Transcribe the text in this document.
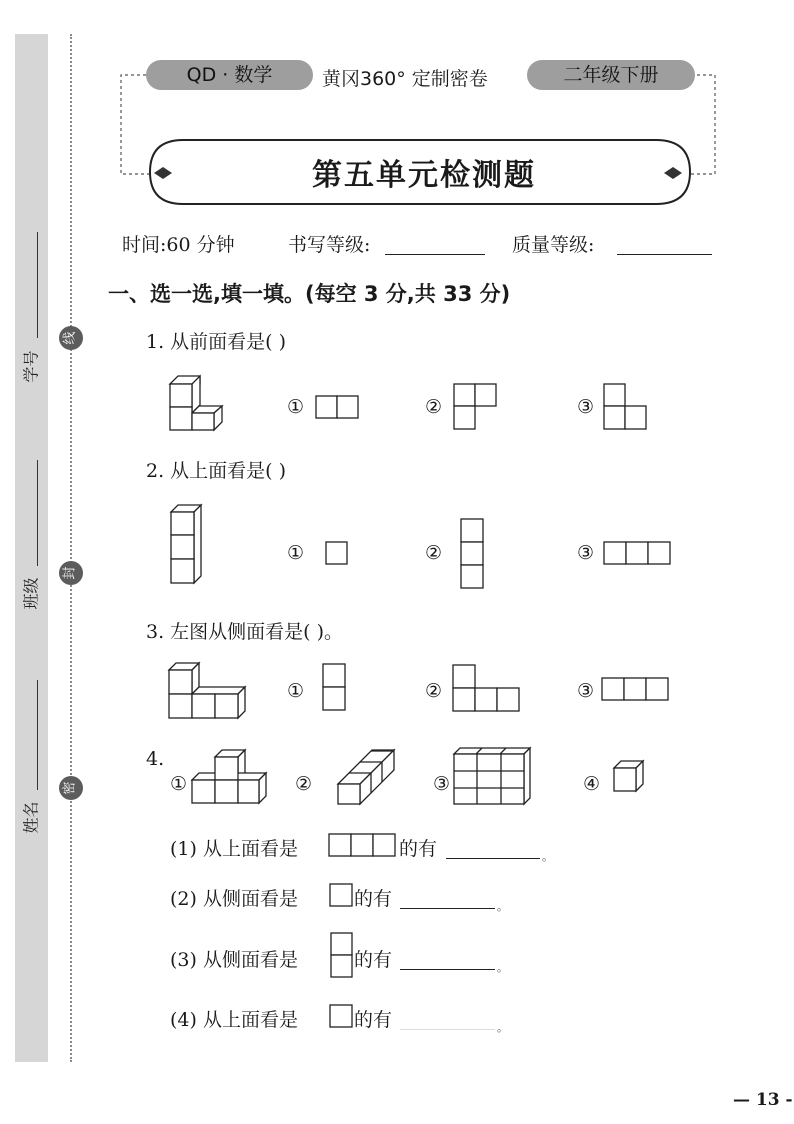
学号
班级
姓名
线
封
密
QD · 数学	黄冈360° 定制密卷	二年级下册
第五单元检测题
时间:60 分钟	书写等级:	质量等级:
一、选一选,填一填。(每空 3 分,共 33 分)
1. 从前面看是( )
①	②	③
2. 从上面看是( )
①	②	③
3. 左图从侧面看是( )。
①	②	③
4.
①	②	③	④
(1) 从上面看是	的有	。
(2) 从侧面看是	的有	。
(3) 从侧面看是	的有	。
(4) 从上面看是	的有	。
— 13 -
